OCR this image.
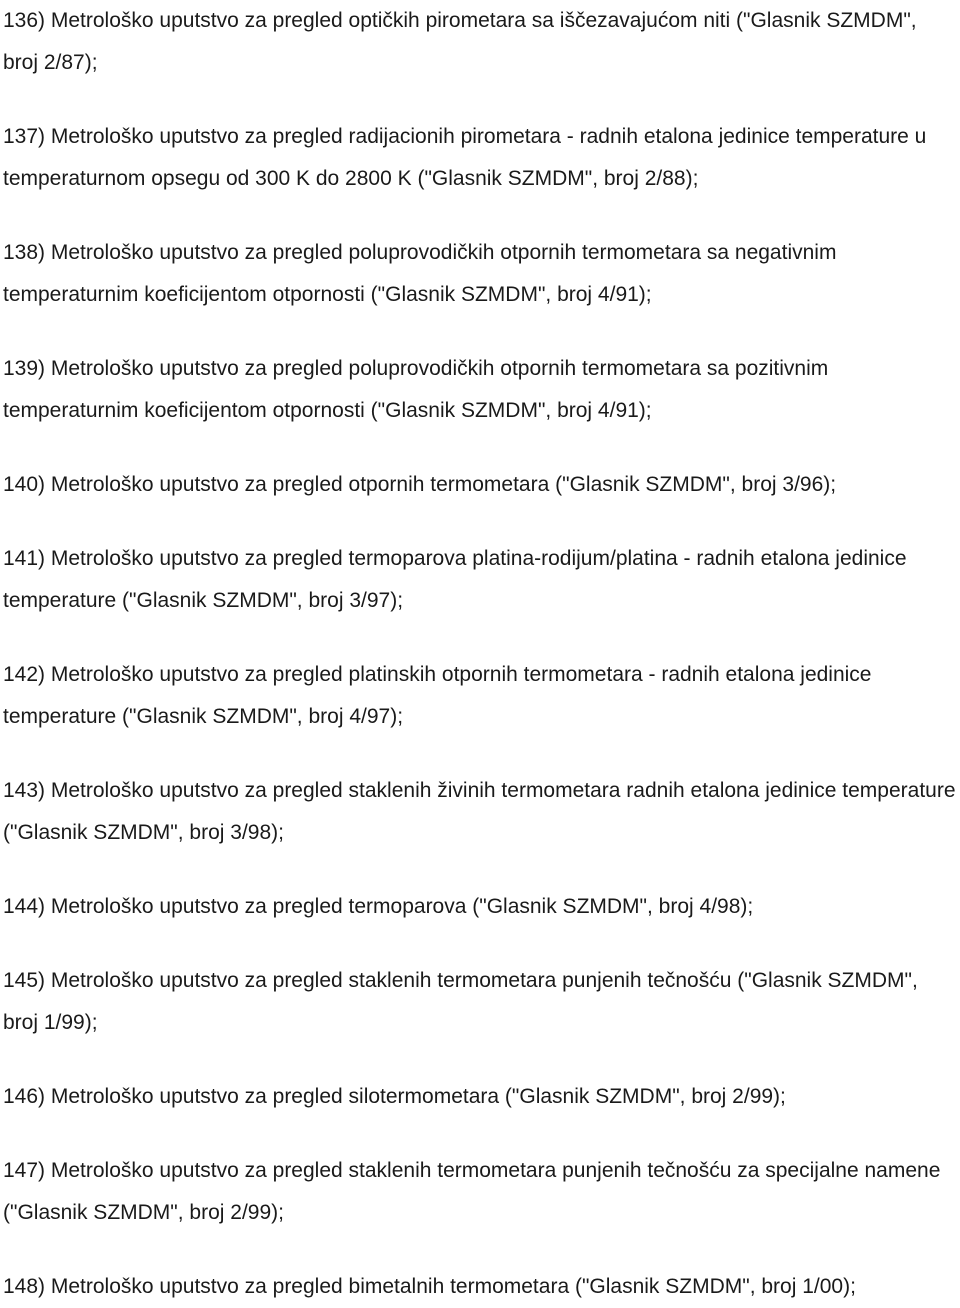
136) Metrološko uputstvo za pregled optičkih pirometara sa iščezavajućom niti ("Glasnik SZMDM", broj 2/87);

137) Metrološko uputstvo za pregled radijacionih pirometara - radnih etalona jedinice temperature u temperaturnom opsegu od 300 K do 2800 K ("Glasnik SZMDM", broj 2/88);

138) Metrološko uputstvo za pregled poluprovodičkih otpornih termometara sa negativnim temperaturnim koeficijentom otpornosti ("Glasnik SZMDM", broj 4/91);

139) Metrološko uputstvo za pregled poluprovodičkih otpornih termometara sa pozitivnim temperaturnim koeficijentom otpornosti ("Glasnik SZMDM", broj 4/91);

140) Metrološko uputstvo za pregled otpornih termometara ("Glasnik SZMDM", broj 3/96);

141) Metrološko uputstvo za pregled termoparova platina-rodijum/platina - radnih etalona jedinice temperature ("Glasnik SZMDM", broj 3/97);

142) Metrološko uputstvo za pregled platinskih otpornih termometara - radnih etalona jedinice temperature ("Glasnik SZMDM", broj 4/97);

143) Metrološko uputstvo za pregled staklenih živinih termometara radnih etalona jedinice temperature ("Glasnik SZMDM", broj 3/98);

144) Metrološko uputstvo za pregled termoparova ("Glasnik SZMDM", broj 4/98);

145) Metrološko uputstvo za pregled staklenih termometara punjenih tečnošću ("Glasnik SZMDM", broj 1/99);

146) Metrološko uputstvo za pregled silotermometara ("Glasnik SZMDM", broj 2/99);

147) Metrološko uputstvo za pregled staklenih termometara punjenih tečnošću za specijalne namene ("Glasnik SZMDM", broj 2/99);

148) Metrološko uputstvo za pregled bimetalnih termometara ("Glasnik SZMDM", broj 1/00);
